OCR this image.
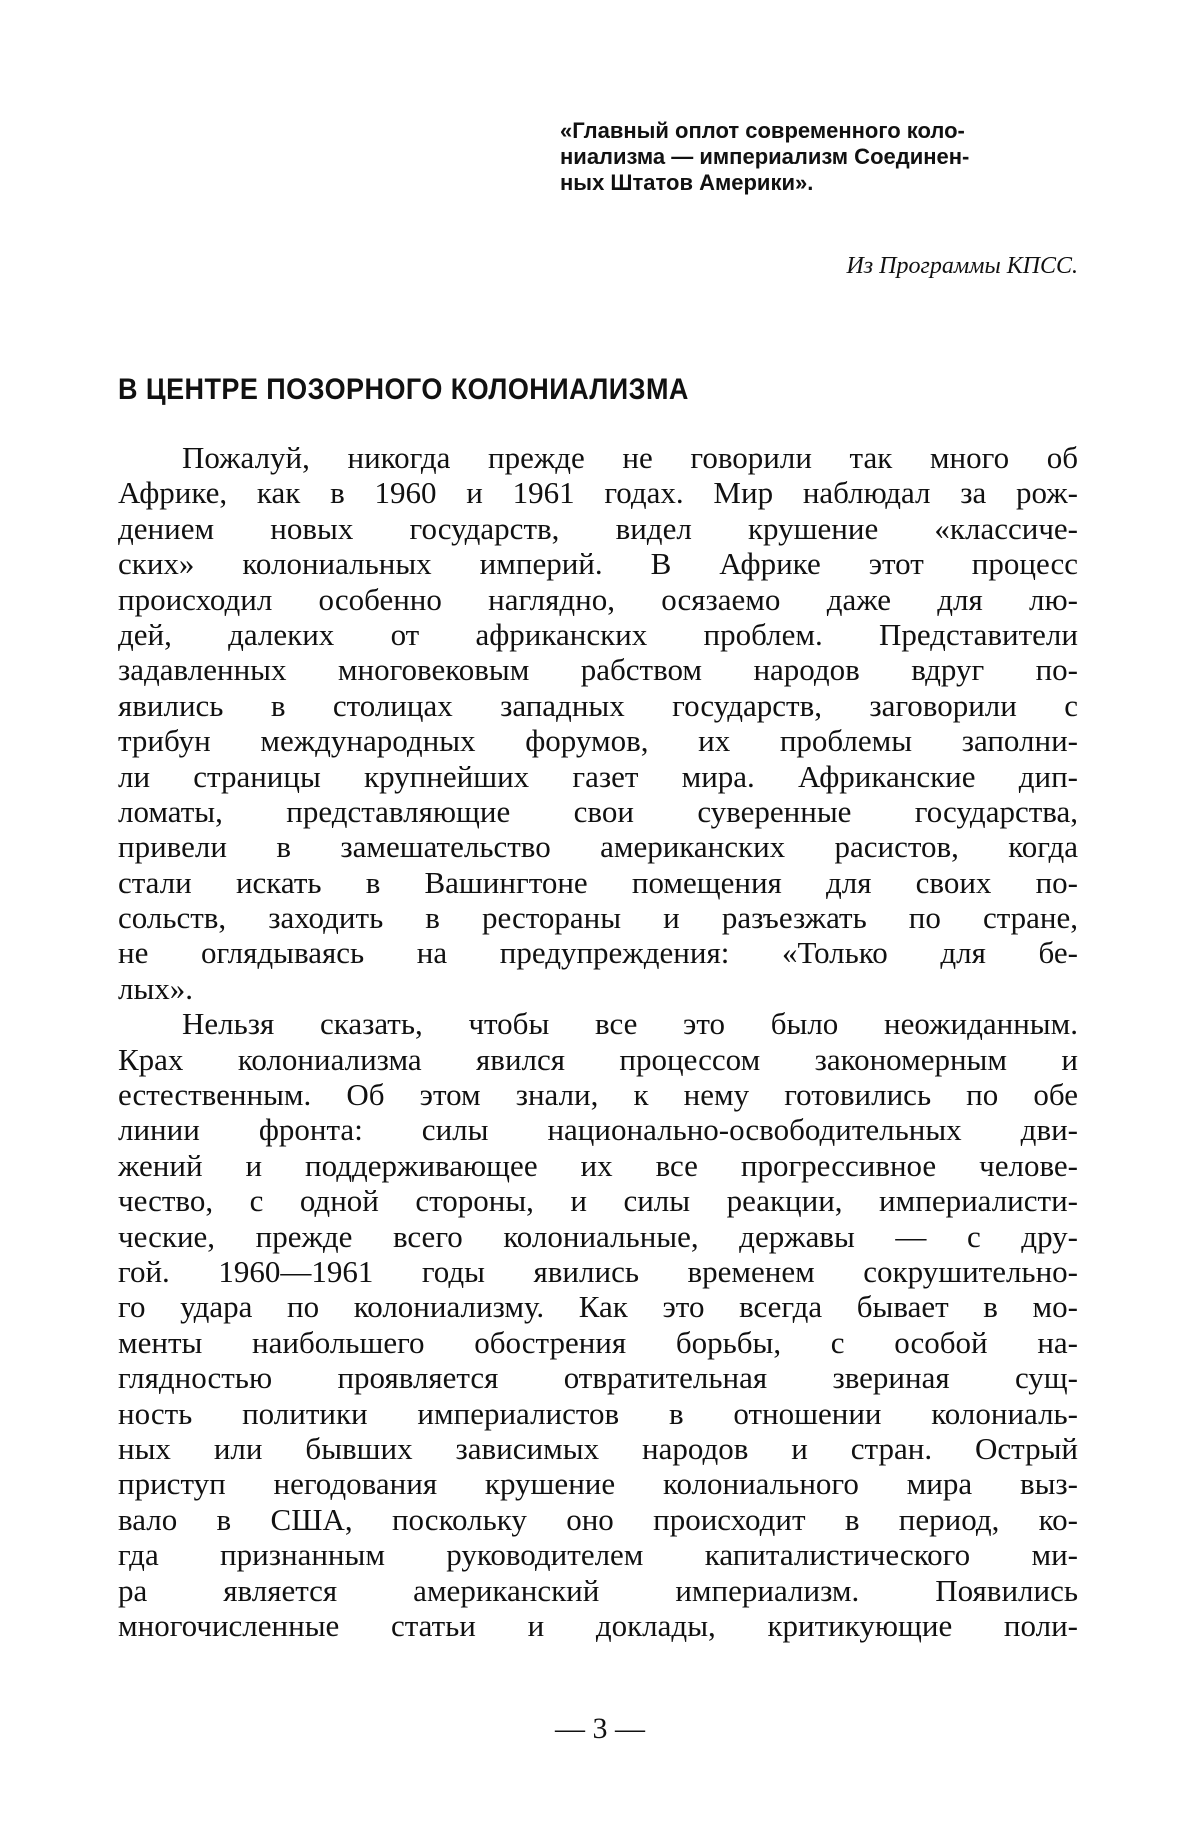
«Главный оплот современного коло-
ниализма — империализм Соединен-
ных Штатов Америки».
Из Программы КПСС.
В ЦЕНТРЕ ПОЗОРНОГО КОЛОНИАЛИЗМА
Пожалуй, никогда прежде не говорили так много об
Африке, как в 1960 и 1961 годах. Мир наблюдал за рож-
дением новых государств, видел крушение «классиче-
ских» колониальных империй. В Африке этот процесс
происходил особенно наглядно, осязаемо даже для лю-
дей, далеких от африканских проблем. Представители
задавленных многовековым рабством народов вдруг по-
явились в столицах западных государств, заговорили с
трибун международных форумов, их проблемы заполни-
ли страницы крупнейших газет мира. Африканские дип-
ломаты, представляющие свои суверенные государства,
привели в замешательство американских расистов, когда
стали искать в Вашингтоне помещения для своих по-
сольств, заходить в рестораны и разъезжать по стране,
не оглядываясь на предупреждения: «Только для бе-
лых».
Нельзя сказать, чтобы все это было неожиданным.
Крах колониализма явился процессом закономерным и
естественным. Об этом знали, к нему готовились по обе
линии фронта: силы национально-освободительных дви-
жений и поддерживающее их все прогрессивное челове-
чество, с одной стороны, и силы реакции, империалисти-
ческие, прежде всего колониальные, державы — с дру-
гой. 1960—1961 годы явились временем сокрушительно-
го удара по колониализму. Как это всегда бывает в мо-
менты наибольшего обострения борьбы, с особой на-
глядностью проявляется отвратительная звериная сущ-
ность политики империалистов в отношении колониаль-
ных или бывших зависимых народов и стран. Острый
приступ негодования крушение колониального мира выз-
вало в США, поскольку оно происходит в период, ко-
гда признанным руководителем капиталистического ми-
ра является американский империализм. Появились
многочисленные статьи и доклады, критикующие поли-
— 3 —
